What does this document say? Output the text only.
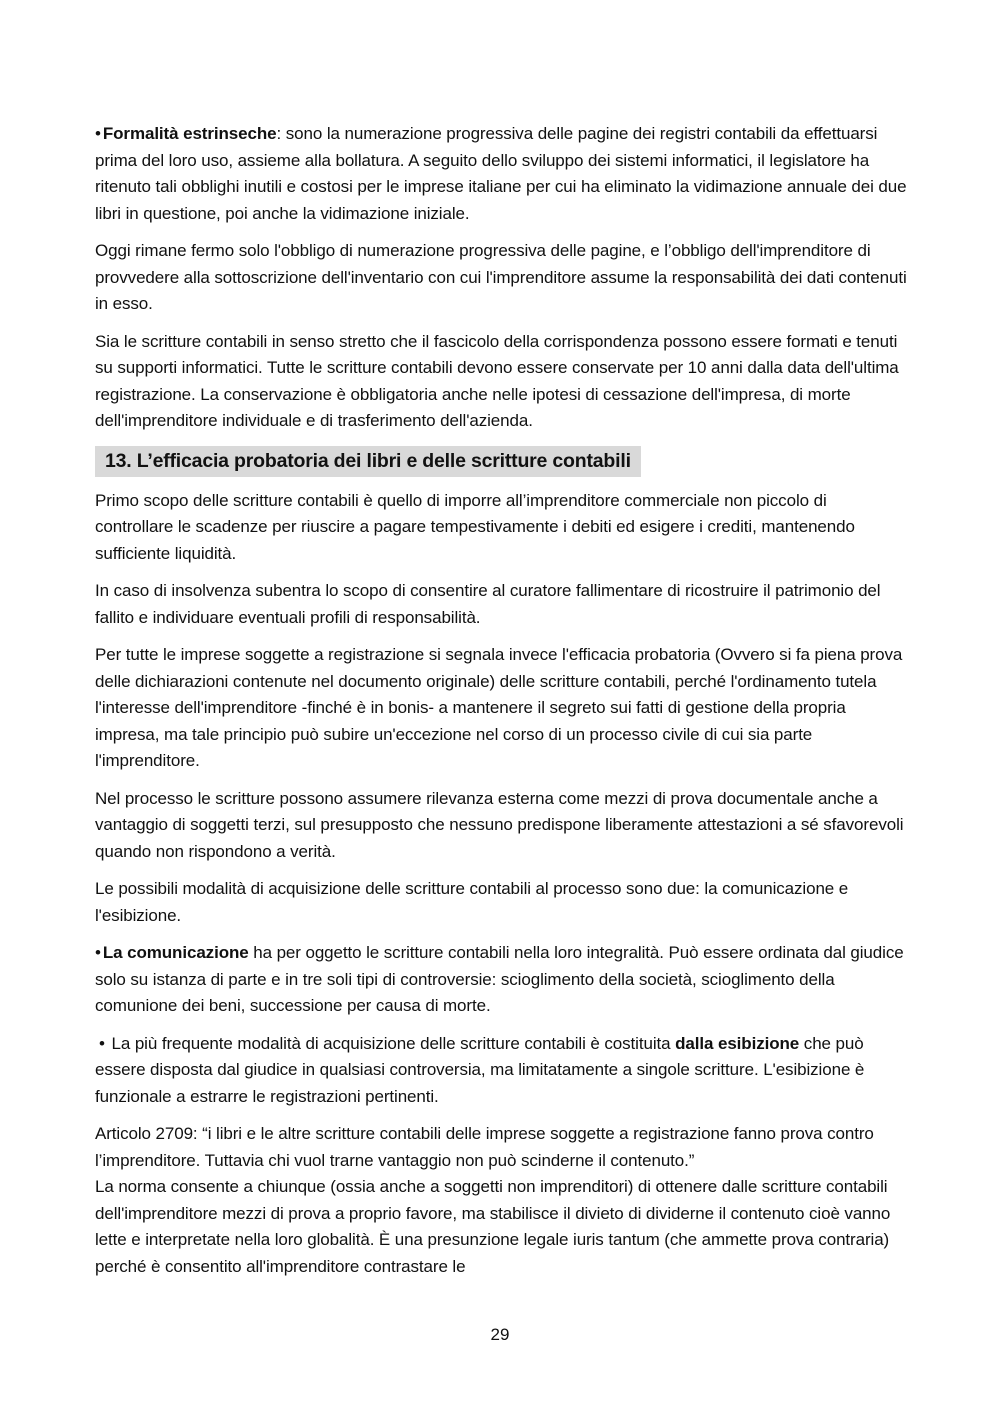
• Formalità estrinseche: sono la numerazione progressiva delle pagine dei registri contabili da effettuarsi prima del loro uso, assieme alla bollatura. A seguito dello sviluppo dei sistemi informatici, il legislatore ha ritenuto tali obblighi inutili e costosi per le imprese italiane per cui ha eliminato la vidimazione annuale dei due libri in questione, poi anche la vidimazione iniziale.

Oggi rimane fermo solo l'obbligo di numerazione progressiva delle pagine, e l’obbligo dell'imprenditore di provvedere alla sottoscrizione dell'inventario con cui l'imprenditore assume la responsabilità dei dati contenuti in esso.

Sia le scritture contabili in senso stretto che il fascicolo della corrispondenza possono essere formati e tenuti su supporti informatici. Tutte le scritture contabili devono essere conservate per 10 anni dalla data dell'ultima registrazione. La conservazione è obbligatoria anche nelle ipotesi di cessazione dell'impresa, di morte dell'imprenditore individuale e di trasferimento dell'azienda.

13. L’efficacia probatoria dei libri e delle scritture contabili

Primo scopo delle scritture contabili è quello di imporre all’imprenditore commerciale non piccolo di controllare le scadenze per riuscire a pagare tempestivamente i debiti ed esigere i crediti, mantenendo sufficiente liquidità.

In caso di insolvenza subentra lo scopo di consentire al curatore fallimentare di ricostruire il patrimonio del fallito e individuare eventuali profili di responsabilità.

Per tutte le imprese soggette a registrazione si segnala invece l'efficacia probatoria (Ovvero si fa piena prova delle dichiarazioni contenute nel documento originale) delle scritture contabili, perché l'ordinamento tutela l'interesse dell'imprenditore -finché è in bonis- a mantenere il segreto sui fatti di gestione della propria impresa, ma tale principio può subire un'eccezione nel corso di un processo civile di cui sia parte l'imprenditore.

Nel processo le scritture possono assumere rilevanza esterna come mezzi di prova documentale anche a vantaggio di soggetti terzi, sul presupposto che nessuno predispone liberamente attestazioni a sé sfavorevoli quando non rispondono a verità.

Le possibili modalità di acquisizione delle scritture contabili al processo sono due: la comunicazione e l'esibizione.

• La comunicazione ha per oggetto le scritture contabili nella loro integralità. Può essere ordinata dal giudice solo su istanza di parte e in tre soli tipi di controversie: scioglimento della società, scioglimento della comunione dei beni, successione per causa di morte.

• La più frequente modalità di acquisizione delle scritture contabili è costituita dalla esibizione che può essere disposta dal giudice in qualsiasi controversia, ma limitatamente a singole scritture. L'esibizione è funzionale a estrarre le registrazioni pertinenti.

Articolo 2709: “i libri e le altre scritture contabili delle imprese soggette a registrazione fanno prova contro l’imprenditore. Tuttavia chi vuol trarne vantaggio non può scinderne il contenuto.”

La norma consente a chiunque (ossia anche a soggetti non imprenditori) di ottenere dalle scritture contabili dell'imprenditore mezzi di prova a proprio favore, ma stabilisce il divieto di dividerne il contenuto cioè vanno lette e interpretate nella loro globalità. È una presunzione legale iuris tantum (che ammette prova contraria) perché è consentito all'imprenditore contrastare le

29
